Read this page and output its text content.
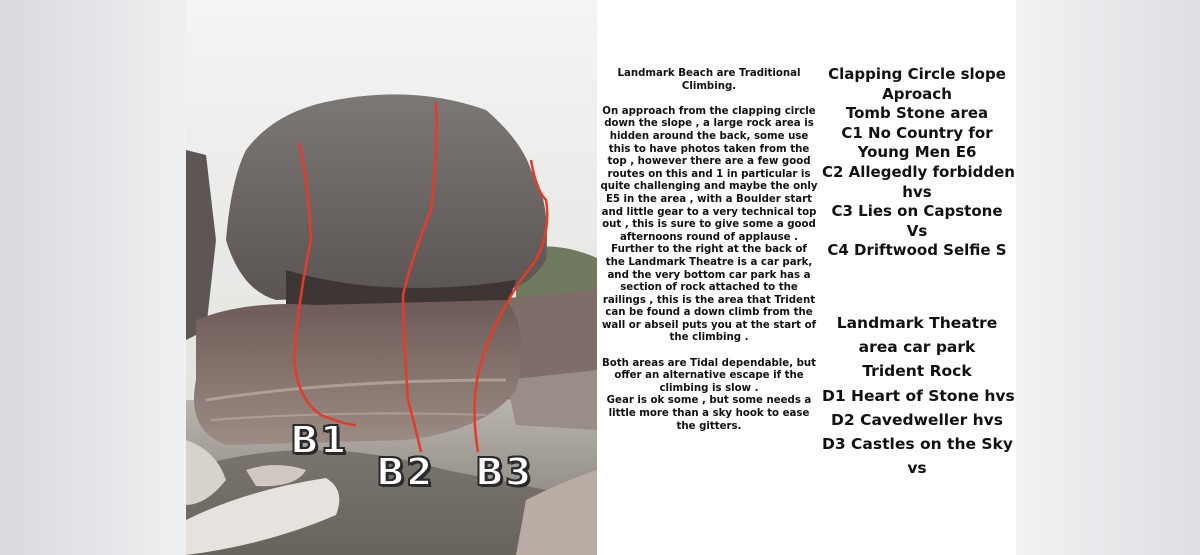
B1
B2 B3

Landmark Beach are Traditional Climbing.

On approach from the clapping circle down the slope , a large rock area is hidden around the back, some use this to have photos taken from the top , however there are a few good routes on this and 1 in particular is quite challenging and maybe the only E5 in the area , with a Boulder start and little gear to a very technical top out , this is sure to give some a good afternoons round of applause . Further to the right at the back of the Landmark Theatre is a car park, and the very bottom car park has a section of rock attached to the railings , this is the area that Trident can be found a down climb from the wall or abseil puts you at the start of the climbing .

Both areas are Tidal dependable, but offer an alternative escape if the climbing is slow .

Gear is ok some , but some needs a little more than a sky hook to ease the gitters.

Clapping Circle slope
Aproach
Tomb Stone area
C1 No Country for
Young Men E6
C2 Allegedly forbidden
hvs
C3 Lies on Capstone
Vs
C4 Driftwood Selfie S
Landmark Theatre
area car park
Trident Rock
D1 Heart of Stone hvs
D2 Cavedweller hvs
D3 Castles on the Sky
vs
